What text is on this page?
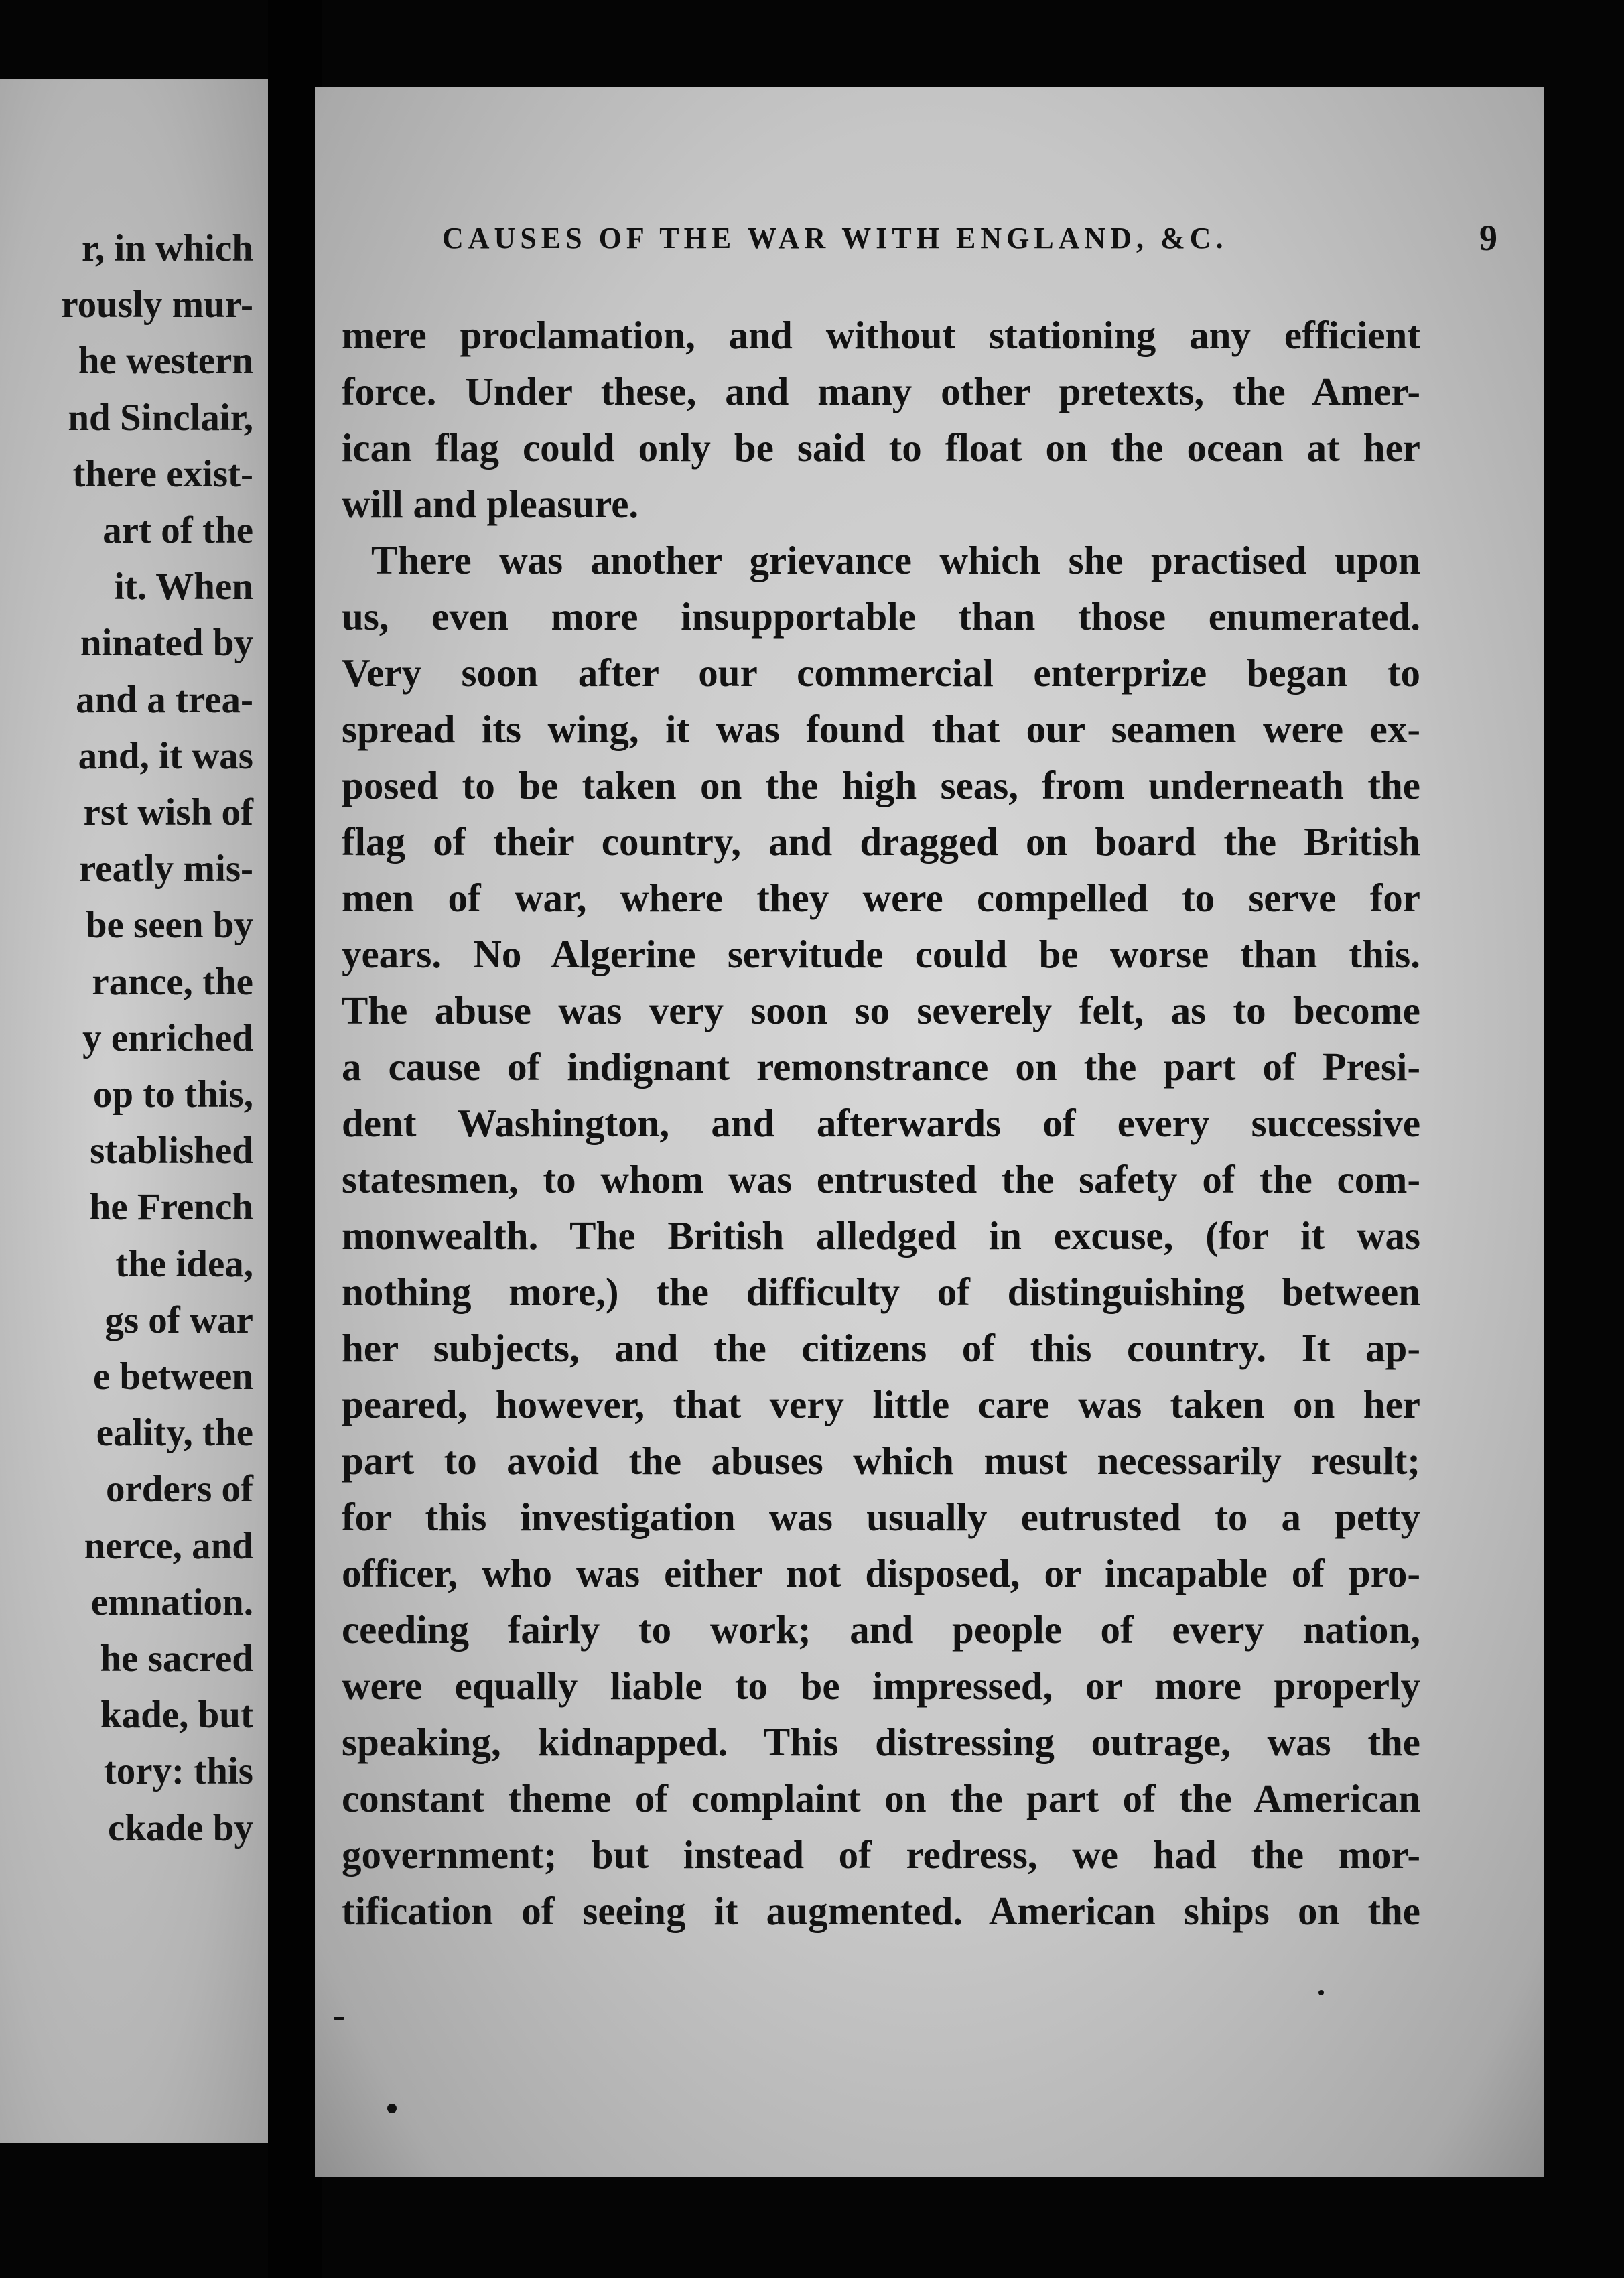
r, in which
rously mur-
he western
nd Sinclair,
there exist-
art of the
it. When
ninated by
and a trea-
and, it was
rst wish of
reatly mis-
be seen by
rance, the
y enriched
op to this,
stablished
he French
the idea,
gs of war
e between
eality, the
orders of
nerce, and
emnation.
he sacred
kade, but
tory: this
ckade by
CAUSES OF THE WAR WITH ENGLAND, &C.	9
mere proclamation, and without stationing any efficient
force. Under these, and many other pretexts, the Amer-
ican flag could only be said to float on the ocean at her
will and pleasure.
There was another grievance which she practised upon
us, even more insupportable than those enumerated.
Very soon after our commercial enterprize began to
spread its wing, it was found that our seamen were ex-
posed to be taken on the high seas, from underneath the
flag of their country, and dragged on board the British
men of war, where they were compelled to serve for
years. No Algerine servitude could be worse than this.
The abuse was very soon so severely felt, as to become
a cause of indignant remonstrance on the part of Presi-
dent Washington, and afterwards of every successive
statesmen, to whom was entrusted the safety of the com-
monwealth. The British alledged in excuse, (for it was
nothing more,) the difficulty of distinguishing between
her subjects, and the citizens of this country. It ap-
peared, however, that very little care was taken on her
part to avoid the abuses which must necessarily result;
for this investigation was usually eutrusted to a petty
officer, who was either not disposed, or incapable of pro-
ceeding fairly to work; and people of every nation,
were equally liable to be impressed, or more properly
speaking, kidnapped. This distressing outrage, was the
constant theme of complaint on the part of the American
government; but instead of redress, we had the mor-
tification of seeing it augmented. American ships on the
